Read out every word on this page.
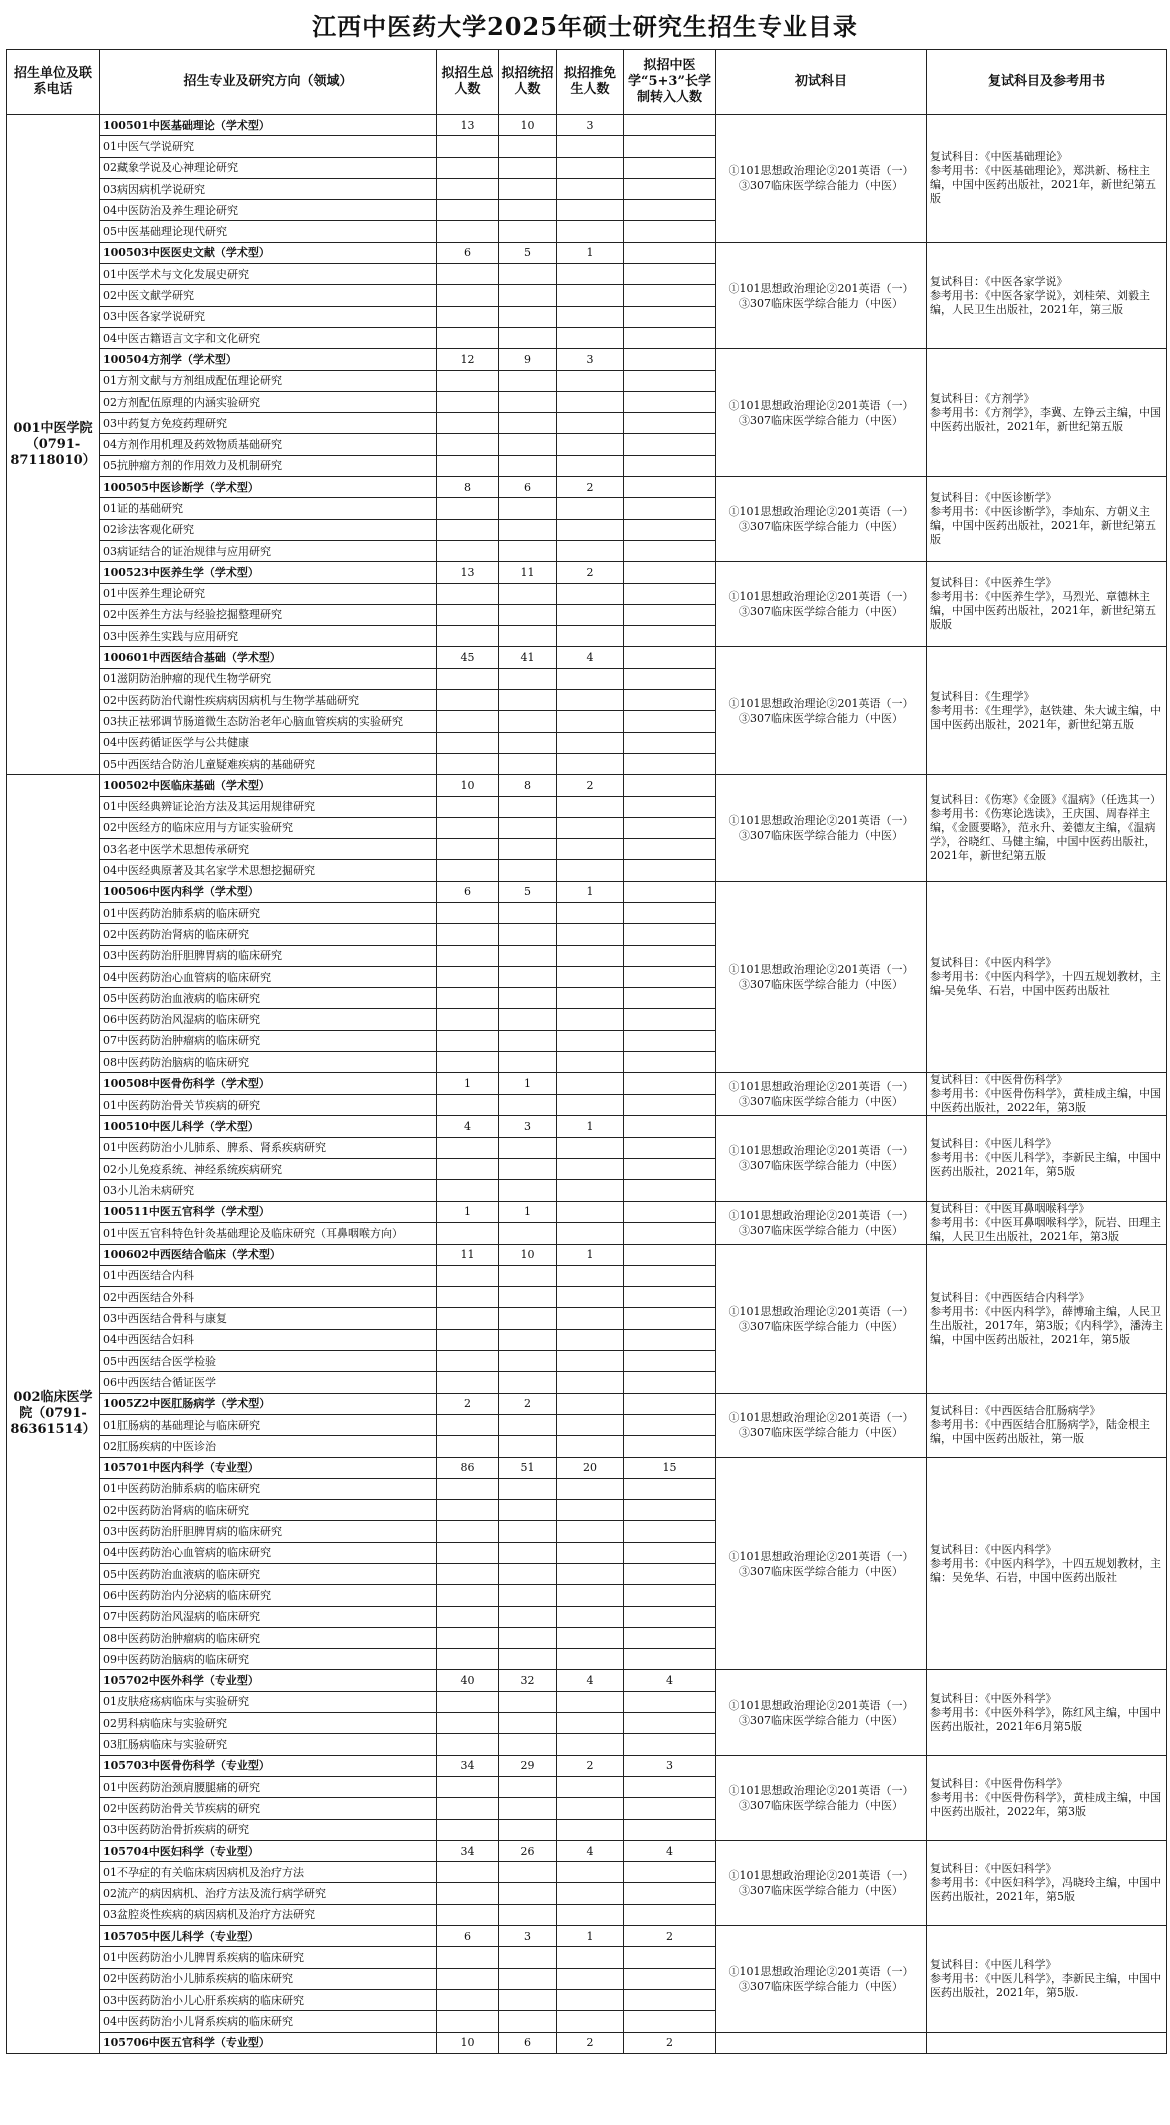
江西中医药大学2025年硕士研究生招生专业目录
招生单位及联系电话	招生专业及研究方向（领域）	拟招生总人数	拟招统招人数	拟招推免生人数	拟招中医学“5+3”长学制转入人数	初试科目	复试科目及参考用书
001中医学院（0791-87118010）	100501中医基础理论（学术型）	13	10	3		①101思想政治理论②201英语（一）③307临床医学综合能力（中医）	复试科目：《中医基础理论》
参考用书：《中医基础理论》，郑洪新、杨柱主编，中国中医药出版社，2021年，新世纪第五版
	01中医气学说研究						
	02藏象学说及心神理论研究						
	03病因病机学说研究						
	04中医防治及养生理论研究						
	05中医基础理论现代研究						
	100503中医医史文献（学术型）	6	5	1		①101思想政治理论②201英语（一）③307临床医学综合能力（中医）	复试科目：《中医各家学说》
参考用书：《中医各家学说》，刘桂荣、刘毅主编，人民卫生出版社，2021年，第三版
	01中医学术与文化发展史研究						
	02中医文献学研究						
	03中医各家学说研究						
	04中医古籍语言文字和文化研究						
	100504方剂学（学术型）	12	9	3		①101思想政治理论②201英语（一）③307临床医学综合能力（中医）	复试科目：《方剂学》
参考用书：《方剂学》，李冀、左铮云主编，中国中医药出版社，2021年，新世纪第五版
	01方剂文献与方剂组成配伍理论研究						
	02方剂配伍原理的内涵实验研究						
	03中药复方免疫药理研究						
	04方剂作用机理及药效物质基础研究						
	05抗肿瘤方剂的作用效力及机制研究						
	100505中医诊断学（学术型）	8	6	2		①101思想政治理论②201英语（一）③307临床医学综合能力（中医）	复试科目：《中医诊断学》
参考用书：《中医诊断学》，李灿东、方朝义主编，中国中医药出版社，2021年，新世纪第五版
	01证的基础研究						
	02诊法客观化研究						
	03病证结合的证治规律与应用研究						
	100523中医养生学（学术型）	13	11	2		①101思想政治理论②201英语（一）③307临床医学综合能力（中医）	复试科目：《中医养生学》
参考用书：《中医养生学》，马烈光、章德林主编，中国中医药出版社，2021年，新世纪第五版版
	01中医养生理论研究						
	02中医养生方法与经验挖掘整理研究						
	03中医养生实践与应用研究						
	100601中西医结合基础（学术型）	45	41	4		①101思想政治理论②201英语（一）③307临床医学综合能力（中医）	复试科目：《生理学》
参考用书：《生理学》，赵铁建、朱大诚主编，中国中医药出版社，2021年，新世纪第五版
	01滋阴防治肿瘤的现代生物学研究						
	02中医药防治代谢性疾病病因病机与生物学基础研究						
	03扶正祛邪调节肠道微生态防治老年心脑血管疾病的实验研究						
	04中医药循证医学与公共健康						
	05中西医结合防治儿童疑难疾病的基础研究						
002临床医学院（0791-86361514）	100502中医临床基础（学术型）	10	8	2		①101思想政治理论②201英语（一）③307临床医学综合能力（中医）	复试科目：《伤寒》《金匮》《温病》（任选其一）
参考用书：《伤寒论选读》，王庆国、周春祥主编，《金匮要略》，范永升、姜德友主编，《温病学》，谷晓红、马健主编，中国中医药出版社，2021年，新世纪第五版
	01中医经典辨证论治方法及其运用规律研究						
	02中医经方的临床应用与方证实验研究						
	03名老中医学术思想传承研究						
	04中医经典原著及其名家学术思想挖掘研究						
	100506中医内科学（学术型）	6	5	1		①101思想政治理论②201英语（一）③307临床医学综合能力（中医）	复试科目：《中医内科学》
参考用书：《中医内科学》，十四五规划教材，主编-吴免华、石岩，中国中医药出版社
	01中医药防治肺系病的临床研究						
	02中医药防治肾病的临床研究						
	03中医药防治肝胆脾胃病的临床研究						
	04中医药防治心血管病的临床研究						
	05中医药防治血液病的临床研究						
	06中医药防治风湿病的临床研究						
	07中医药防治肿瘤病的临床研究						
	08中医药防治脑病的临床研究						
	100508中医骨伤科学（学术型）	1	1			①101思想政治理论②201英语（一）③307临床医学综合能力（中医）	复试科目：《中医骨伤科学》
参考用书：《中医骨伤科学》，黄桂成主编，中国中医药出版社，2022年，第3版
	01中医药防治骨关节疾病的研究						
	100510中医儿科学（学术型）	4	3	1		①101思想政治理论②201英语（一）③307临床医学综合能力（中医）	复试科目：《中医儿科学》
参考用书：《中医儿科学》，李新民主编，中国中医药出版社，2021年，第5版
	01中医药防治小儿肺系、脾系、肾系疾病研究						
	02小儿免疫系统、神经系统疾病研究						
	03小儿治未病研究						
	100511中医五官科学（学术型）	1	1			①101思想政治理论②201英语（一）③307临床医学综合能力（中医）	复试科目：《中医耳鼻咽喉科学》
参考用书：《中医耳鼻咽喉科学》，阮岩、田理主编，人民卫生出版社，2021年，第3版
	01中医五官科特色针灸基础理论及临床研究（耳鼻咽喉方向）						
	100602中西医结合临床（学术型）	11	10	1		①101思想政治理论②201英语（一）③307临床医学综合能力（中医）	复试科目：《中西医结合内科学》
参考用书：《中医内科学》，薛博瑜主编，人民卫生出版社，2017年，第3版；《内科学》，潘涛主编，中国中医药出版社，2021年，第5版
	01中西医结合内科						
	02中西医结合外科						
	03中西医结合骨科与康复						
	04中西医结合妇科						
	05中西医结合医学检验						
	06中西医结合循证医学						
	1005Z2中医肛肠病学（学术型）	2	2			①101思想政治理论②201英语（一）③307临床医学综合能力（中医）	复试科目：《中西医结合肛肠病学》
参考用书：《中西医结合肛肠病学》，陆金根主编，中国中医药出版社，第一版
	01肛肠病的基础理论与临床研究						
	02肛肠疾病的中医诊治						
	105701中医内科学（专业型）	86	51	20	15	①101思想政治理论②201英语（一）③307临床医学综合能力（中医）	复试科目：《中医内科学》
参考用书：《中医内科学》，十四五规划教材，主编：吴免华、石岩，中国中医药出版社
	01中医药防治肺系病的临床研究						
	02中医药防治肾病的临床研究						
	03中医药防治肝胆脾胃病的临床研究						
	04中医药防治心血管病的临床研究						
	05中医药防治血液病的临床研究						
	06中医药防治内分泌病的临床研究						
	07中医药防治风湿病的临床研究						
	08中医药防治肿瘤病的临床研究						
	09中医药防治脑病的临床研究						
	105702中医外科学（专业型）	40	32	4	4	①101思想政治理论②201英语（一）③307临床医学综合能力（中医）	复试科目：《中医外科学》
参考用书：《中医外科学》，陈红风主编，中国中医药出版社，2021年6月第5版
	01皮肤疮疡病临床与实验研究						
	02男科病临床与实验研究						
	03肛肠病临床与实验研究						
	105703中医骨伤科学（专业型）	34	29	2	3	①101思想政治理论②201英语（一）③307临床医学综合能力（中医）	复试科目：《中医骨伤科学》
参考用书：《中医骨伤科学》，黄桂成主编，中国中医药出版社，2022年，第3版
	01中医药防治颈肩腰腿痛的研究						
	02中医药防治骨关节疾病的研究						
	03中医药防治骨折疾病的研究						
	105704中医妇科学（专业型）	34	26	4	4	①101思想政治理论②201英语（一）③307临床医学综合能力（中医）	复试科目：《中医妇科学》
参考用书：《中医妇科学》，冯晓玲主编，中国中医药出版社，2021年，第5版
	01不孕症的有关临床病因病机及治疗方法						
	02流产的病因病机、治疗方法及流行病学研究						
	03盆腔炎性疾病的病因病机及治疗方法研究						
	105705中医儿科学（专业型）	6	3	1	2	①101思想政治理论②201英语（一）③307临床医学综合能力（中医）	复试科目：《中医儿科学》
参考用书：《中医儿科学》，李新民主编，中国中医药出版社，2021年，第5版.
	01中医药防治小儿脾胃系疾病的临床研究						
	02中医药防治小儿肺系疾病的临床研究						
	03中医药防治小儿心肝系疾病的临床研究						
	04中医药防治小儿肾系疾病的临床研究						
	105706中医五官科学（专业型）	10	6	2	2		
